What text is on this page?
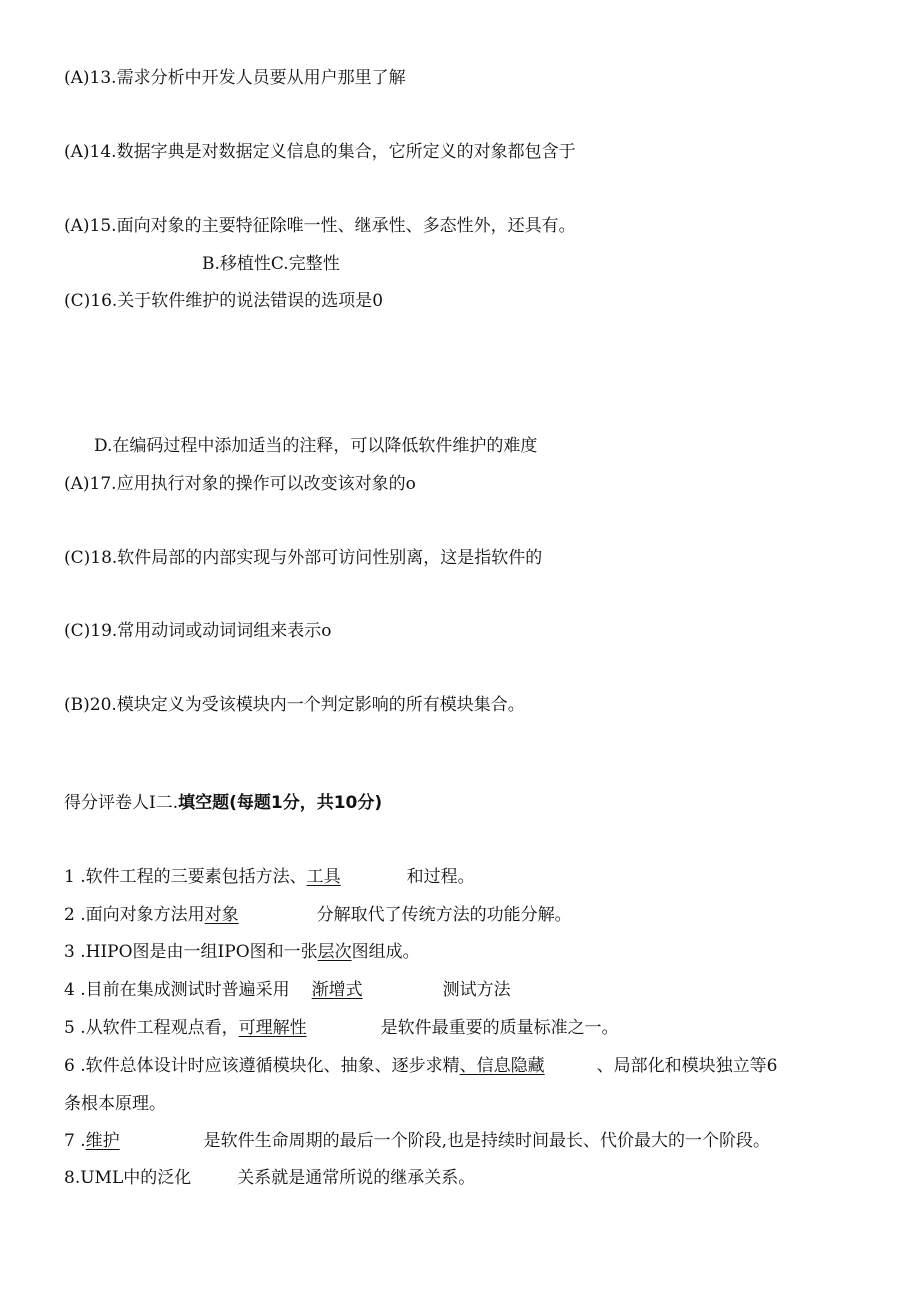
(A)13.需求分析中开发人员要从用户那里了解
(A)14.数据字典是对数据定义信息的集合，它所定义的对象都包含于
(A)15.面向对象的主要特征除唯一性、继承性、多态性外，还具有。
B.移植性C.完整性
(C)16.关于软件维护的说法错误的选项是0
D.在编码过程中添加适当的注释，可以降低软件维护的难度
(A)17.应用执行对象的操作可以改变该对象的o
(C)18.软件局部的内部实现与外部可访问性别离，这是指软件的
(C)19.常用动词或动词词组来表示o
(B)20.模块定义为受该模块内一个判定影响的所有模块集合。
得分评卷人I二.填空题(每题1分，共10分)
1 .软件工程的三要素包括方法、工具	和过程。
2 .面向对象方法用对象	分解取代了传统方法的功能分解。
3 .HIPO图是由一组IPO图和一张层次图组成。
4 .目前在集成测试时普遍采用 渐增式	测试方法
5 .从软件工程观点看，可理解性	是软件最重要的质量标准之一。
6 .软件总体设计时应该遵循模块化、抽象、逐步求精、信息隐藏	、局部化和模块独立等6
条根本原理。
7 .维护	是软件生命周期的最后一个阶段,也是持续时间最长、代价最大的一个阶段。
8.UML中的泛化	关系就是通常所说的继承关系。
